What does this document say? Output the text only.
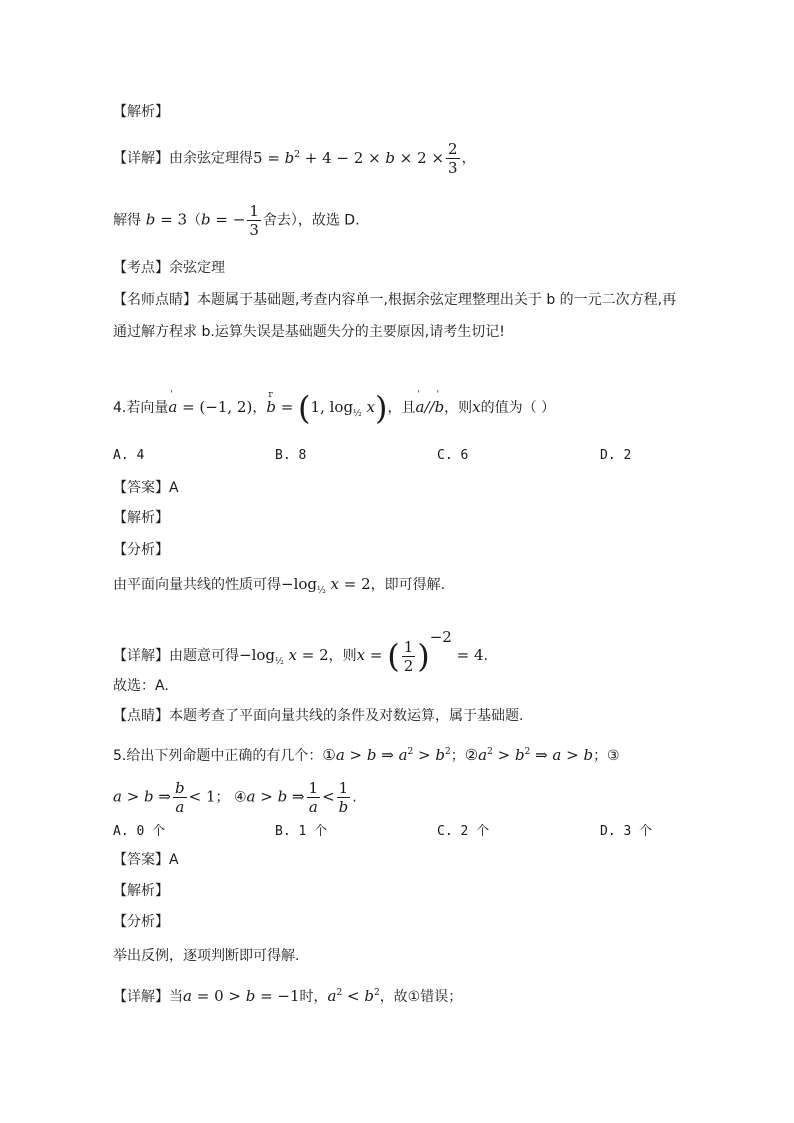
【解析】
【详解】由余弦定理得$5 = b^2 + 4 - 2 \times b \times 2 \times \frac{2}{3}$ ，
解得 b = 3（b = − $\frac{1}{3}$ 舍去），故选 D.
【考点】余弦定理
【名师点睛】本题属于基础题,考查内容单一,根据余弦定理整理出关于 b 的一元二次方程,再
通过解方程求 b.运算失误是基础题失分的主要原因,请考生切记!
4.若向量a
'
= (−1, 2)，b
r
= (1, $\log_{\frac{1}{2}} x$)，且a
'
//b
'
，则x的值为（ ）
A. 4	B. 8	C. 6	D. 2
【答案】A
【解析】
【分析】
由平面向量共线的性质可得$-\log_{\frac{1}{2}}$ x = 2，即可得解.
【详解】由题意可得$-\log_{\frac{1}{2}}$ x = 2，则x = ( $\frac{1}{2} )^{-2} = 4$.
故选：A.
【点睛】本题考查了平面向量共线的条件及对数运算，属于基础题.
5.给出下列命题中正确的有几个：①a > b ⇒ $a^2 > b^2$；$②a^2 > b^2$ ⇒ a > b；③
a > b ⇒ $\frac{b}{a} < 1$； ④a > b ⇒ $\frac{1}{a} < \frac{1}{b}$ .
A. 0 个	B. 1 个	C. 2 个	D. 3 个
【答案】A
【解析】
【分析】
举出反例，逐项判断即可得解.
【详解】当a = 0 > b = −1时，$a^2 < b^2$，故①错误；
